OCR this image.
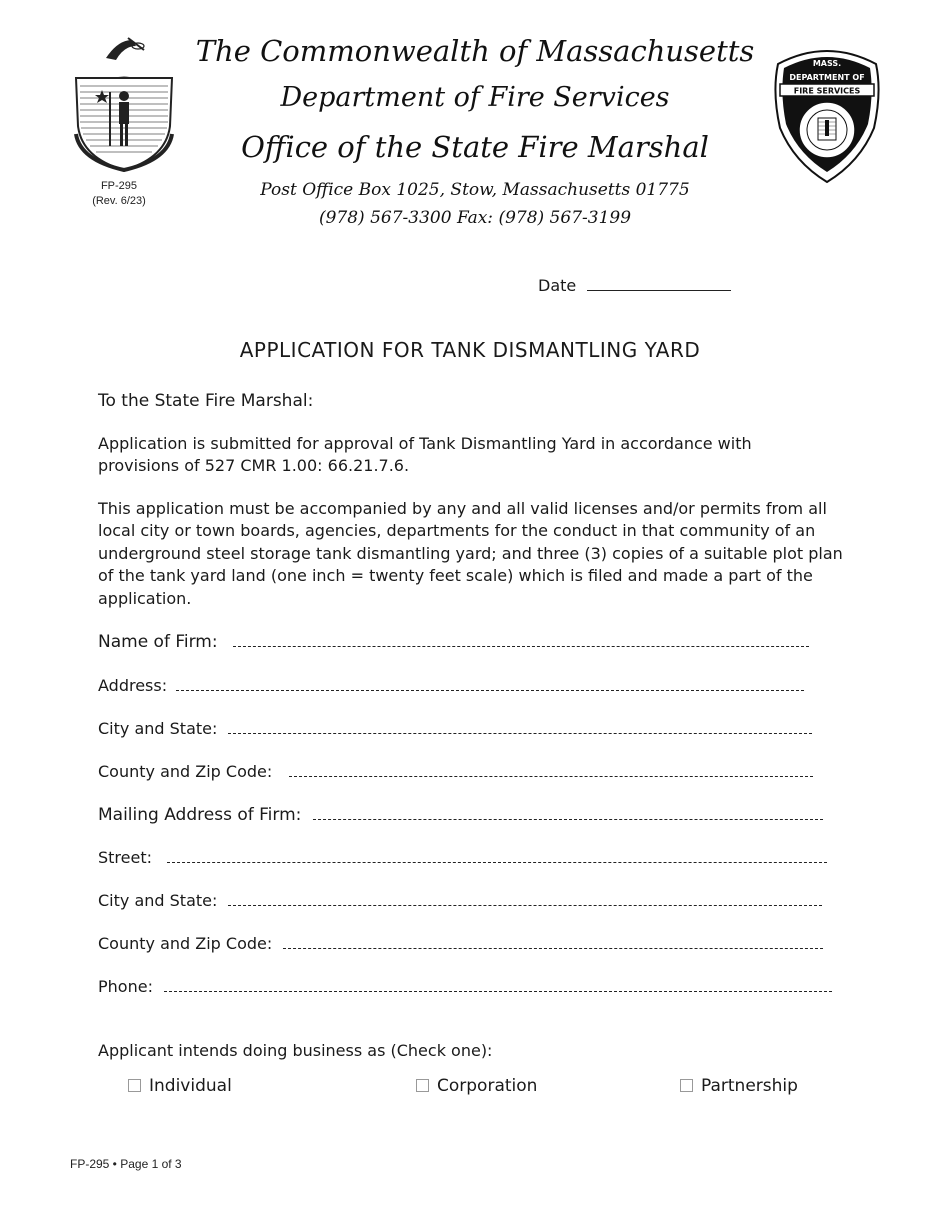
FP-295
(Rev. 6/23)
The Commonwealth of Massachusetts
Department of Fire Services
Office of the State Fire Marshal
Post Office Box 1025, Stow, Massachusetts 01775
(978) 567-3300 Fax: (978) 567-3199
MASS.
DEPARTMENT OF
FIRE SERVICES
Date
APPLICATION FOR TANK DISMANTLING YARD
To the State Fire Marshal:
Application is submitted for approval of Tank Dismantling Yard in accordance with provisions of 527 CMR 1.00: 66.21.7.6.
This application must be accompanied by any and all valid licenses and/or permits from all local city or town boards, agencies, departments for the conduct in that community of an underground steel storage tank dismantling yard; and three (3) copies of a suitable plot plan of the tank yard land (one inch = twenty feet scale) which is filed and made a part of the application.
Name of Firm:
Address:
City and State:
County and Zip Code:
Mailing Address of Firm:
Street:
City and State:
County and Zip Code:
Phone:
Applicant intends doing business as (Check one):
Individual	Corporation	Partnership
FP-295 • Page 1 of 3
